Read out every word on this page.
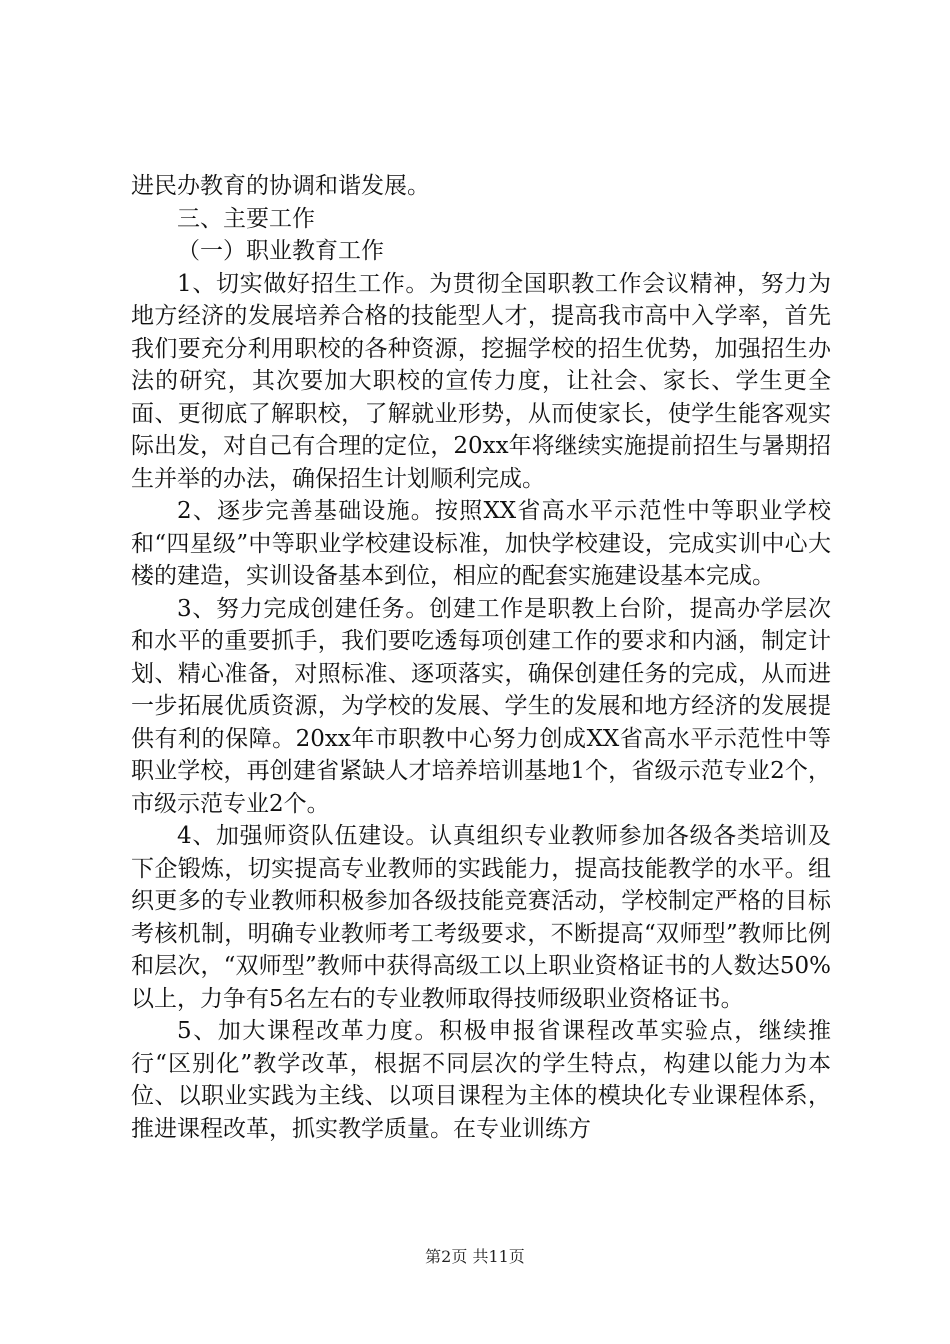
进民办教育的协调和谐发展。

三、主要工作

（一）职业教育工作

1、切实做好招生工作。为贯彻全国职教工作会议精神，努力为地方经济的发展培养合格的技能型人才，提高我市高中入学率，首先我们要充分利用职校的各种资源，挖掘学校的招生优势，加强招生办法的研究，其次要加大职校的宣传力度，让社会、家长、学生更全面、更彻底了解职校，了解就业形势，从而使家长，使学生能客观实际出发，对自己有合理的定位，20xx年将继续实施提前招生与暑期招生并举的办法，确保招生计划顺利完成。

2、逐步完善基础设施。按照XX省高水平示范性中等职业学校和“四星级”中等职业学校建设标准，加快学校建设，完成实训中心大楼的建造，实训设备基本到位，相应的配套实施建设基本完成。

3、努力完成创建任务。创建工作是职教上台阶，提高办学层次和水平的重要抓手，我们要吃透每项创建工作的要求和内涵，制定计划、精心准备，对照标准、逐项落实，确保创建任务的完成，从而进一步拓展优质资源，为学校的发展、学生的发展和地方经济的发展提供有利的保障。20xx年市职教中心努力创成XX省高水平示范性中等职业学校，再创建省紧缺人才培养培训基地1个，省级示范专业2个，市级示范专业2个。

4、加强师资队伍建设。认真组织专业教师参加各级各类培训及下企锻炼，切实提高专业教师的实践能力，提高技能教学的水平。组织更多的专业教师积极参加各级技能竞赛活动，学校制定严格的目标考核机制，明确专业教师考工考级要求，不断提高“双师型”教师比例和层次，“双师型”教师中获得高级工以上职业资格证书的人数达50%以上，力争有5名左右的专业教师取得技师级职业资格证书。

5、加大课程改革力度。积极申报省课程改革实验点，继续推行“区别化”教学改革，根据不同层次的学生特点，构建以能力为本位、以职业实践为主线、以项目课程为主体的模块化专业课程体系，推进课程改革，抓实教学质量。在专业训练方

第2页 共11页
